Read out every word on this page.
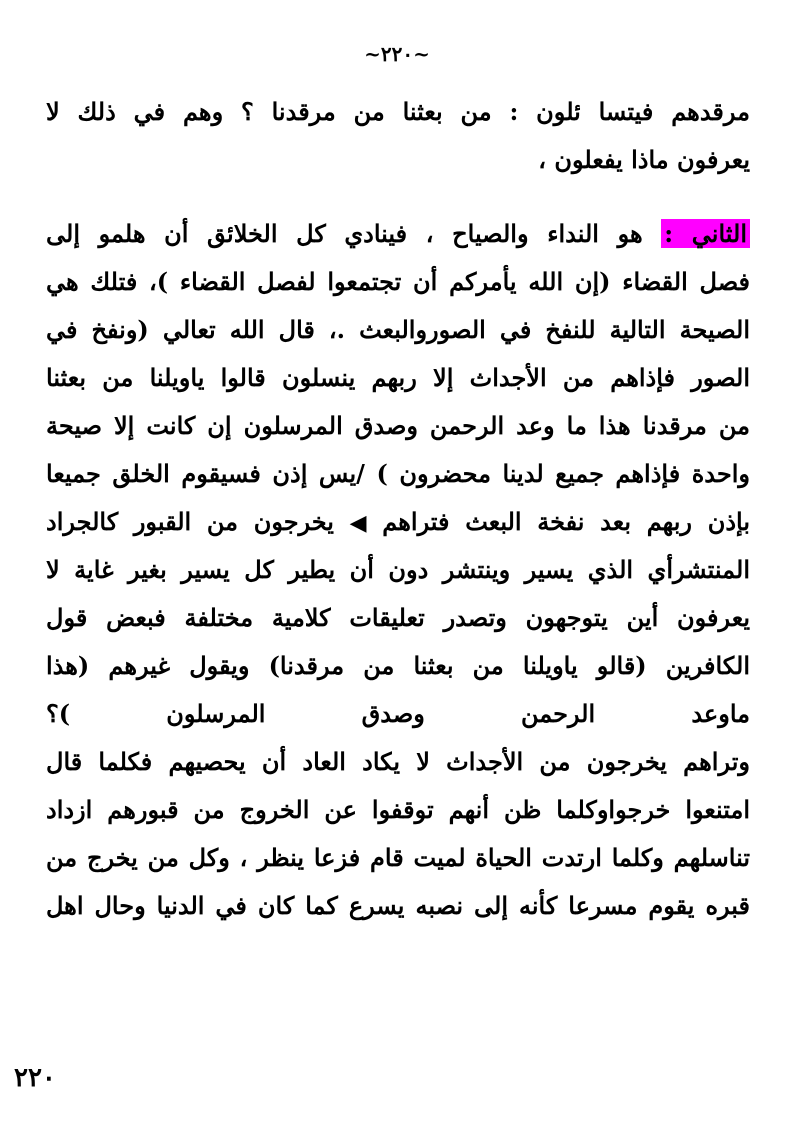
~٢٢٠~
مرقدهم فيتسا ئلون : من بعثنا من مرقدنا ؟ وهم في ذلك لا
يعرفون ماذا يفعلون ،
الثاني : هو النداء والصياح ، فينادي كل الخلائق أن هلمو إلى
فصل القضاء (إن الله يأمركم أن تجتمعوا لفصل القضاء )، فتلك هي
الصيحة التالية للنفخ في الصوروالبعث .، قال الله تعالي (ونفخ في
الصور فإذاهم من الأجداث إلا ربهم ينسلون قالوا ياويلنا من بعثنا
من مرقدنا هذا ما وعد الرحمن وصدق المرسلون إن كانت إلا صيحة
واحدة فإذاهم جميع لدينا محضرون ) /يس إذن فسيقوم الخلق جميعا
بإذن ربهم بعد نفخة البعث فتراهم ◀ يخرجون من القبور كالجراد
المنتشرأي الذي يسير وينتشر دون أن يطير كل يسير بغير غاية لا
يعرفون أين يتوجهون وتصدر تعليقات كلامية مختلفة فبعض قول
الكافرين (قالو ياويلنا من بعثنا من مرقدنا) ويقول غيرهم (هذا
ماوعد الرحمن وصدق المرسلون )؟
وتراهم يخرجون من الأجداث لا يكاد العاد أن يحصيهم فكلما قال
امتنعوا خرجواوكلما ظن أنهم توقفوا عن الخروج من قبورهم ازداد
تناسلهم وكلما ارتدت الحياة لميت قام فزعا ينظر ، وكل من يخرج من
قبره يقوم مسرعا كأنه إلى نصبه يسرع كما كان في الدنيا وحال اهل
٢٢٠
